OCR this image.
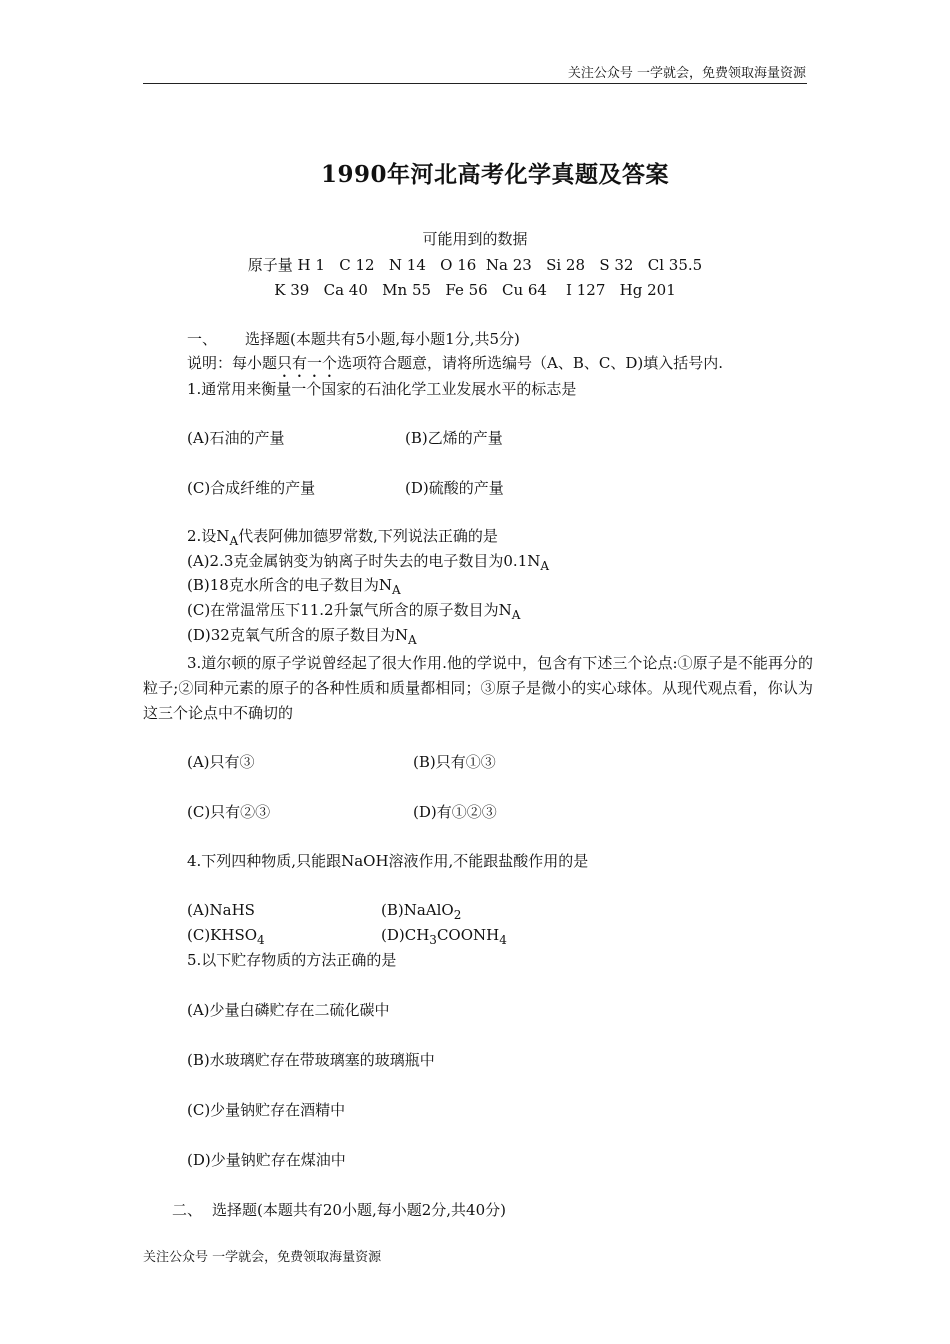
关注公众号 一学就会，免费领取海量资源
1990年河北高考化学真题及答案
可能用到的数据
原子量 H 1   C 12   N 14   O 16  Na 23   Si 28   S 32   Cl 35.5
K 39   Ca 40   Mn 55   Fe 56   Cu 64    I 127   Hg 201
一、 选择题(本题共有5小题,每小题1分,共5分)
说明：每小题只有一个选项符合题意，请将所选编号（A、B、C、D)填入括号内.
1.通常用来衡量一个国家的石油化学工业发展水平的标志是
(A)石油的产量	(B)乙烯的产量
(C)合成纤维的产量	(D)硫酸的产量
2.设$N_A$代表阿佛加德罗常数,下列说法正确的是
(A)2.3克金属钠变为钠离子时失去的电子数目为$0.1N_A$
(B)18克水所含的电子数目为$N_A$
(C)在常温常压下11.2升氯气所含的原子数目为$N_A$
(D)32克氧气所含的原子数目为$N_A$
3.道尔顿的原子学说曾经起了很大作用.他的学说中，包含有下述三个论点:①原子是不能再分的粒子;②同种元素的原子的各种性质和质量都相同；③原子是微小的实心球体。从现代观点看，你认为这三个论点中不确切的
(A)只有③	(B)只有①③
(C)只有②③	(D)有①②③
4.下列四种物质,只能跟NaOH溶液作用,不能跟盐酸作用的是
(A)NaHS	(B)NaAlO$_2$
$(C)KHSO_4$	$(D)CH_3COONH_4$
5.以下贮存物质的方法正确的是
(A)少量白磷贮存在二硫化碳中
(B)水玻璃贮存在带玻璃塞的玻璃瓶中
(C)少量钠贮存在酒精中
(D)少量钠贮存在煤油中
二、 选择题(本题共有20小题,每小题2分,共40分)
关注公众号 一学就会，免费领取海量资源
